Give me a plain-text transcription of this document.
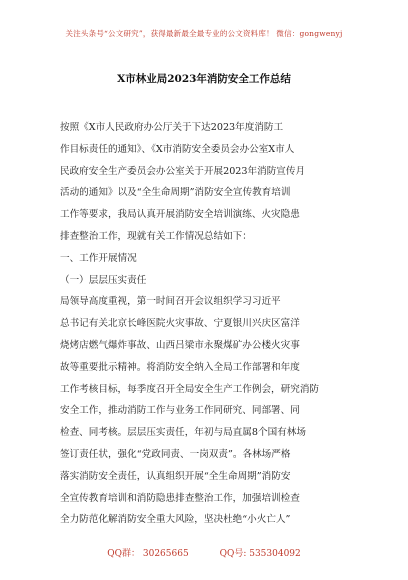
关注头条号“公文研究”，获得最新最全最专业的公文资料库！ 微信：gongwenyj
X市林业局2023年消防安全工作总结
按照《X市人民政府办公厅关于下达2023年度消防工
作目标责任的通知》、《X市消防安全委员会办公室X市人
民政府安全生产委员会办公室关于开展2023年消防宣传月
活动的通知》以及“全生命周期”消防安全宣传教育培训
工作等要求，我局认真开展消防安全培训演练、火灾隐患
排查整治工作，现就有关工作情况总结如下：
一、工作开展情况
（一）层层压实责任
局领导高度重视，第一时间召开会议组织学习习近平
总书记有关北京长峰医院火灾事故、宁夏银川兴庆区富洋
烧烤店燃气爆炸事故、山西吕梁市永聚煤矿办公楼火灾事
故等重要批示精神。将消防安全纳入全局工作部署和年度
工作考核目标，每季度召开全局安全生产工作例会，研究消防
安全工作，推动消防工作与业务工作同研究、同部署、同
检查、同考核。层层压实责任，年初与局直属8个国有林场
签订责任状，强化“党政同责、一岗双责”。各林场严格
落实消防安全责任，认真组织开展“全生命周期”消防安
全宣传教育培训和消防隐患排查整治工作，加强培训检查
全力防范化解消防安全重大风险，坚决杜绝“小火亡人”
QQ群： 30265665	QQ号: 535304092
